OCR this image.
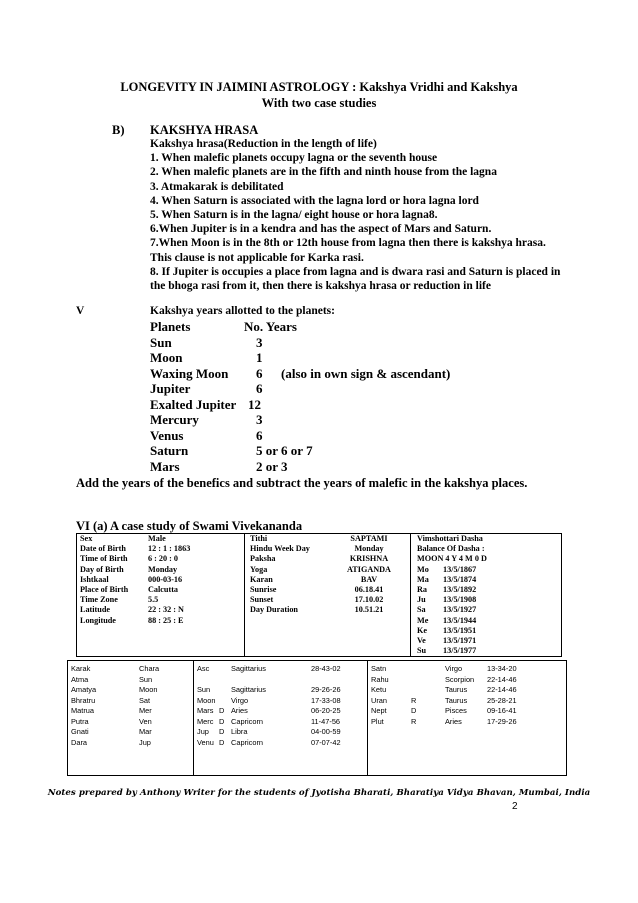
LONGEVITY IN JAIMINI ASTROLOGY : Kakshya Vridhi and Kakshya
With two case studies
B) KAKSHYA HRASA
Kakshya hrasa(Reduction in the length of life)
1. When malefic planets occupy lagna or the seventh house
2. When malefic planets are in the fifth and ninth house from the lagna
3. Atmakarak is debilitated
4. When Saturn is associated with the lagna lord or hora lagna lord
5. When Saturn is in the lagna/ eight house or hora lagna8.
6.When Jupiter is in a kendra and has the aspect of Mars and Saturn.
7.When Moon is in the 8th or 12th house from lagna then there is kakshya hrasa.
This clause is not applicable for Karka rasi.
8. If Jupiter is occupies a place from lagna and is dwara rasi and Saturn is placed in
the bhoga rasi from it, then there is kakshya hrasa or reduction in life
V	Kakshya years allotted to the planets:
Planets	No. Years
Sun	3
Moon	1
Waxing Moon 6 (also in own sign & ascendant)
Jupiter	6
Exalted Jupiter 12
Mercury	3
Venus	6
Saturn	5 or 6 or 7
Mars	2 or 3
Add the years of the benefics and subtract the years of malefic in the kakshya places.
VI (a) A case study of Swami Vivekananda
Sex	Male
Date of Birth	12 : 1 : 1863
Time of Birth	6 : 20 : 0
Day of Birth	Monday
Ishtkaal	000-03-16
Place of Birth	Calcutta
Time Zone	5.5
Latitude	22 : 32 : N
Longitude	88 : 25 : E

Tithi	SAPTAMI
Hindu Week Day	Monday
Paksha	KRISHNA
Yoga	ATIGANDA
Karan	BAV
Sunrise	06.18.41
Sunset	17.10.02
Day Duration	10.51.21

Vimshottari Dasha
Balance Of Dasha :
MOON 4 Y 4 M 0 D
Mo	13/5/1867
Ma	13/5/1874
Ra	13/5/1892
Ju	13/5/1908
Sa	13/5/1927
Me	13/5/1944
Ke	13/5/1951
Ve	13/5/1971
Su	13/5/1977
Karak	Chara
Atma	Sun
Amatya	Moon
Bhratru	Sat
Matrua	Mer
Putra	Ven
Gnati	Mar
Dara	Jup

Asc	Sagittarius	28-43-02
Sun	Sagittarius	29-26-26
Moon	Virgo	17-33-08
Mars D Aries	06-20-25
Merc D Capricorn	11-47-56
Jup	D Libra	04-00-59
Venu D Capricorn	07-07-42

Satn	Virgo	13-34-20
Rahu	Scorpion	22-14-46
Ketu	Taurus	22-14-46
Uran	R	Taurus	25-28-21
Nept	D	Pisces	09-16-41
Plut	R	Aries	17-29-26
Notes prepared by Anthony Writer for the students of Jyotisha Bharati, Bharatiya Vidya Bhavan, Mumbai, India
2
